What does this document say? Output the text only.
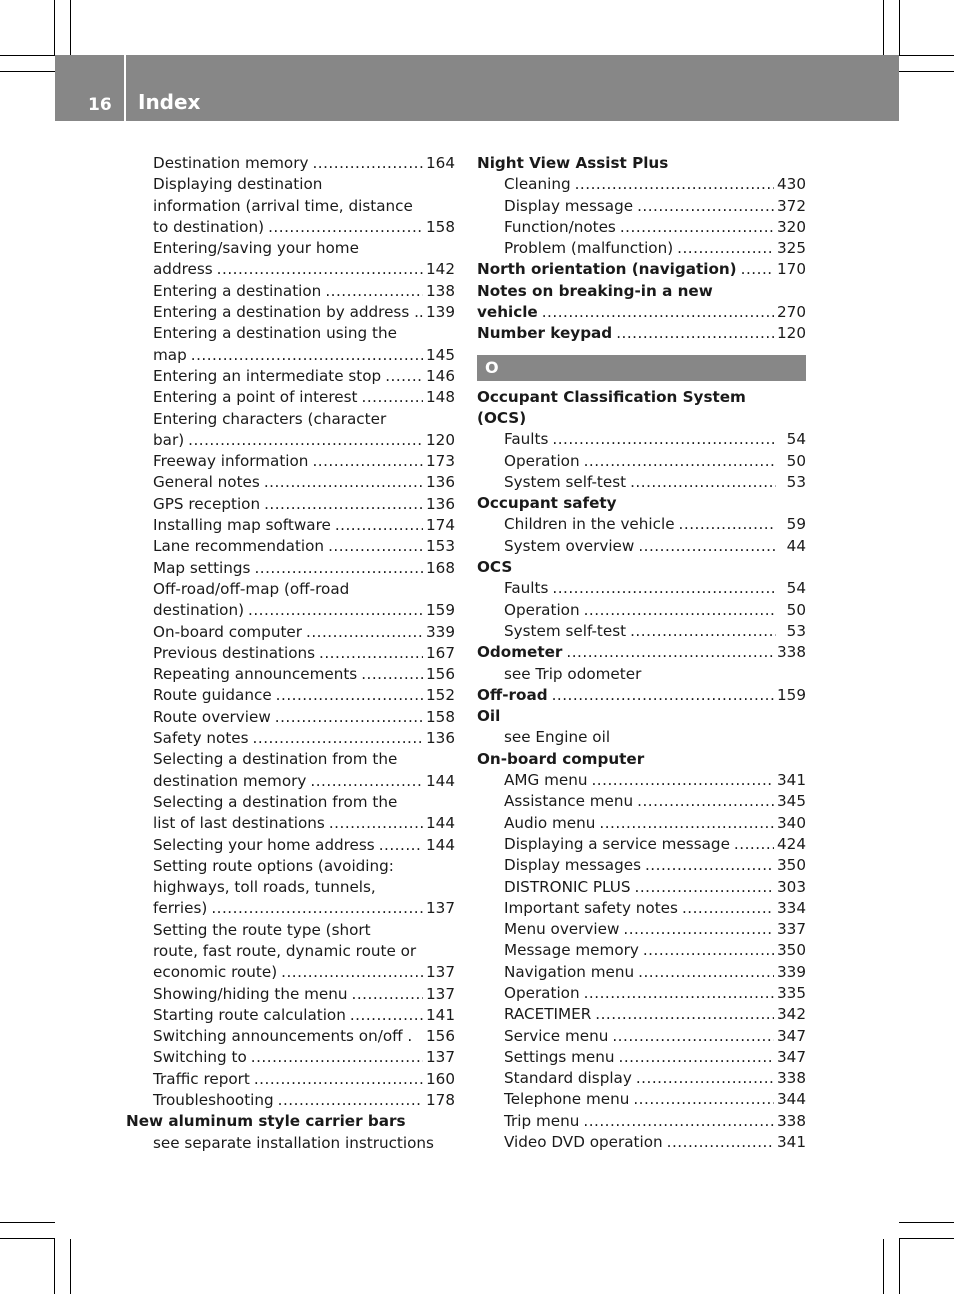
16 Index
Destination memory .....	164
Displaying destination
information (arrival time, distance
to destination) .....	158
Entering/saving your home
address .....	142
Entering a destination .....	138
Entering a destination by address .. 139
Entering a destination using the
map .....	145
Entering an intermediate stop .....	146
Entering a point of interest .....	148
Entering characters (character
bar) .....	120
Freeway information .....	173
General notes .....	136
GPS reception .....	136
Installing map software .....	174
Lane recommendation .....	153
Map settings .....	168
Off-road/off-map (off-road
destination) .....	159
On-board computer .....	339
Previous destinations .....	167
Repeating announcements .....	156
Route guidance .....	152
Route overview .....	158
Safety notes .....	136
Selecting a destination from the
destination memory .....	144
Selecting a destination from the
list of last destinations .....	144
Selecting your home address .....	144
Setting route options (avoiding:
highways, toll roads, tunnels,
ferries) .....	137
Setting the route type (short
route, fast route, dynamic route or
economic route) .....	137
Showing/hiding the menu .....	137
Starting route calculation .....	141
Switching announcements on/off . 156
Switching to .....	137
Traffic report .....	160
Troubleshooting .....	178
New aluminum style carrier bars
see separate installation instructions
Night View Assist Plus
Cleaning .....	430
Display message .....	372
Function/notes .....	320
Problem (malfunction) .....	325
North orientation (navigation) .....	170
Notes on breaking-in a new
vehicle .....	270
Number keypad .....	120
O
Occupant Classification System
(OCS)
Faults .....	54
Operation .....	50
System self-test .....	53
Occupant safety
Children in the vehicle .....	59
System overview .....	44
OCS
Faults .....	54
Operation .....	50
System self-test .....	53
Odometer .....	338
see Trip odometer
Off-road .....	159
Oil
see Engine oil
On-board computer
AMG menu .....	341
Assistance menu .....	345
Audio menu .....	340
Displaying a service message .....	424
Display messages .....	350
DISTRONIC PLUS .....	303
Important safety notes .....	334
Menu overview .....	337
Message memory .....	350
Navigation menu .....	339
Operation .....	335
RACETIMER .....	342
Service menu .....	347
Settings menu .....	347
Standard display .....	338
Telephone menu .....	344
Trip menu .....	338
Video DVD operation .....	341
